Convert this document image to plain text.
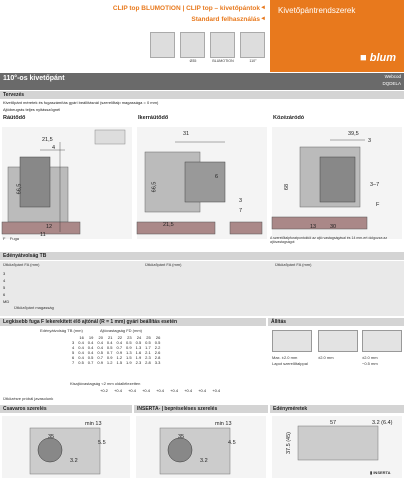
CLIP top BLUMOTION | CLIP top – kivetőpántok ◄
Standard felhasználás ◄
Ø35	BLUMOTION	110°
Kivetőpántrendszerek
■ blum
110°-os kivetőpánt	Webcod
DQDELA
Tervezés
Kivetőpánt méretek és fugaszámítás gyári beállításnál (szerelőtalp magassága = 0 mm)
Ajtóbeugrás teljes nyitásszögnél
Ráütődő
21,5
4
66,5
12
11
Ikerráütődő
31
66,5
6
21,5
3
7
Közézáródó
39,5
3
68	3–7
F
30
13
F Fuga	A szerelőtalpfuratpontoktól az ajtó vastagságával és 14 mm-ert dolgozza az ajtóvastagságot
Edényátvolság TB
Ütközőpánt FA (mm)	Ütközőpánt FA (mm)	Ütközőpánt FA (mm)
3
4
5
6
MD
Ütközőpánt magasság
Legkisebb fuga F lekerekített élő ajtónál (R = 1 mm) gyári beállítás esetén
Edényátvolság TB (mm)	Ajtóvastagság FD (mm)
	16	19	20	21	22	23	24	25	26
3	0.4	0.4	0.4	0.4	0.4	0.5	0.5	0.5	0.5
4	0.4	0.4	0.4	0.5	0.7	0.9	1.3	1.7	2.2
5	0.4	0.4	0.5	0.7	0.9	1.3	1.6	2.1	2.6
6	0.4	0.5	0.7	0.9	1.2	1.5	1.9	2.3	2.8
7	0.5	0.7	0.9	1.2	1.5	1.9	2.3	2.8	3.3
Kisajtóvastagság <2 mm oldallélezetten
+0.2 +0.4 +0.4 +0.4 +0.4 +0.4 +0.4 +0.4 +0.4
Ütközésre próbál javasolunk
Állítás
Max. ±2.0 mm
Lapot szerelőtalppal
±2.0 mm	±2.0 mm
−0.5 mm
Csavaros szerelés	INSERTA- | bepréseléses szerelés	Edényméretek
min 13
35
5.5
3.2
min 13
35
4.5
3.2
57	3.2 (6.4)
37.5 (45)
▮ INSERTA
